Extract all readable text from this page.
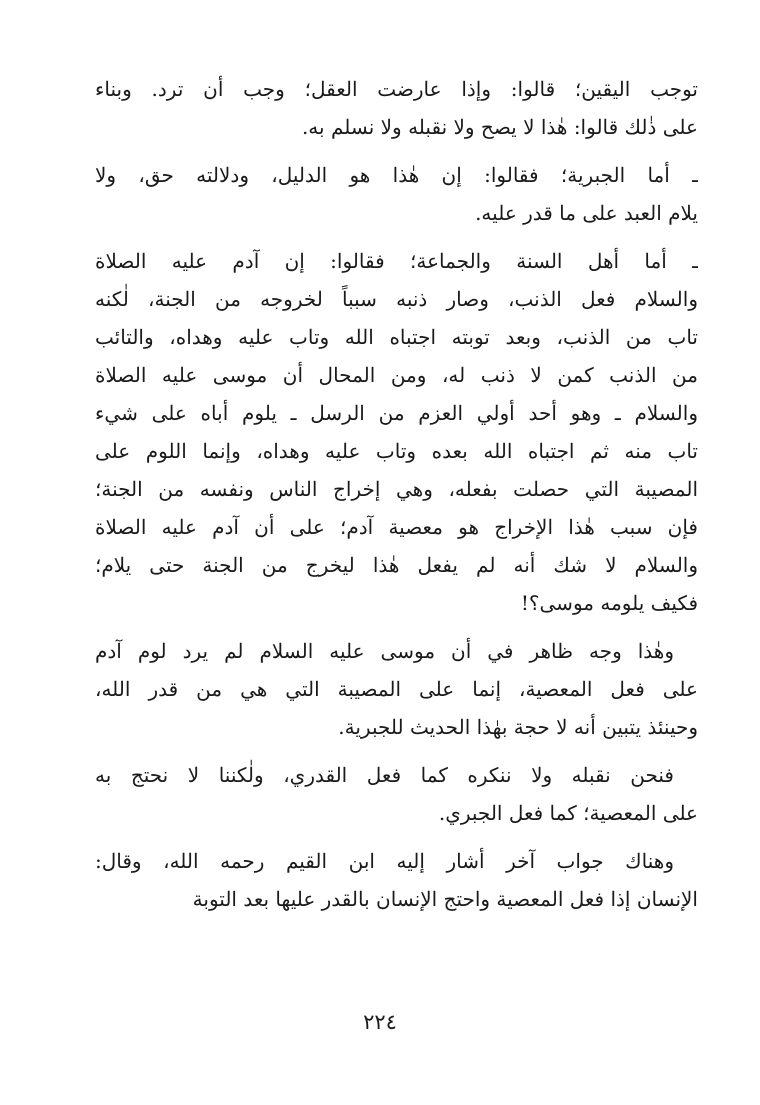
توجب اليقين؛ قالوا: وإذا عارضت العقل؛ وجب أن ترد. وبناء
على ذٰلك قالوا: هٰذا لا يصح ولا نقبله ولا نسلم به.
ـ أما الجبرية؛ فقالوا: إن هٰذا هو الدليل، ودلالته حق، ولا
يلام العبد على ما قدر عليه.
ـ أما أهل السنة والجماعة؛ فقالوا: إن آدم عليه الصلاة
والسلام فعل الذنب، وصار ذنبه سبباً لخروجه من الجنة، لٰكنه
تاب من الذنب، وبعد توبته اجتباه الله وتاب عليه وهداه، والتائب
من الذنب كمن لا ذنب له، ومن المحال أن موسى عليه الصلاة
والسلام ـ وهو أحد أولي العزم من الرسل ـ يلوم أباه على شيء
تاب منه ثم اجتباه الله بعده وتاب عليه وهداه، وإنما اللوم على
المصيبة التي حصلت بفعله، وهي إخراج الناس ونفسه من الجنة؛
فإن سبب هٰذا الإخراج هو معصية آدم؛ على أن آدم عليه الصلاة
والسلام لا شك أنه لم يفعل هٰذا ليخرج من الجنة حتى يلام؛
فكيف يلومه موسى؟!
وهٰذا وجه ظاهر في أن موسى عليه السلام لم يرد لوم آدم
على فعل المعصية، إنما على المصيبة التي هي من قدر الله،
وحينئذ يتبين أنه لا حجة بهٰذا الحديث للجبرية.
فنحن نقبله ولا ننكره كما فعل القدري، ولٰكننا لا نحتج به
على المعصية؛ كما فعل الجبري.
وهناك جواب آخر أشار إليه ابن القيم رحمه الله، وقال:
الإنسان إذا فعل المعصية واحتج الإنسان بالقدر عليها بعد التوبة
٢٢٤
